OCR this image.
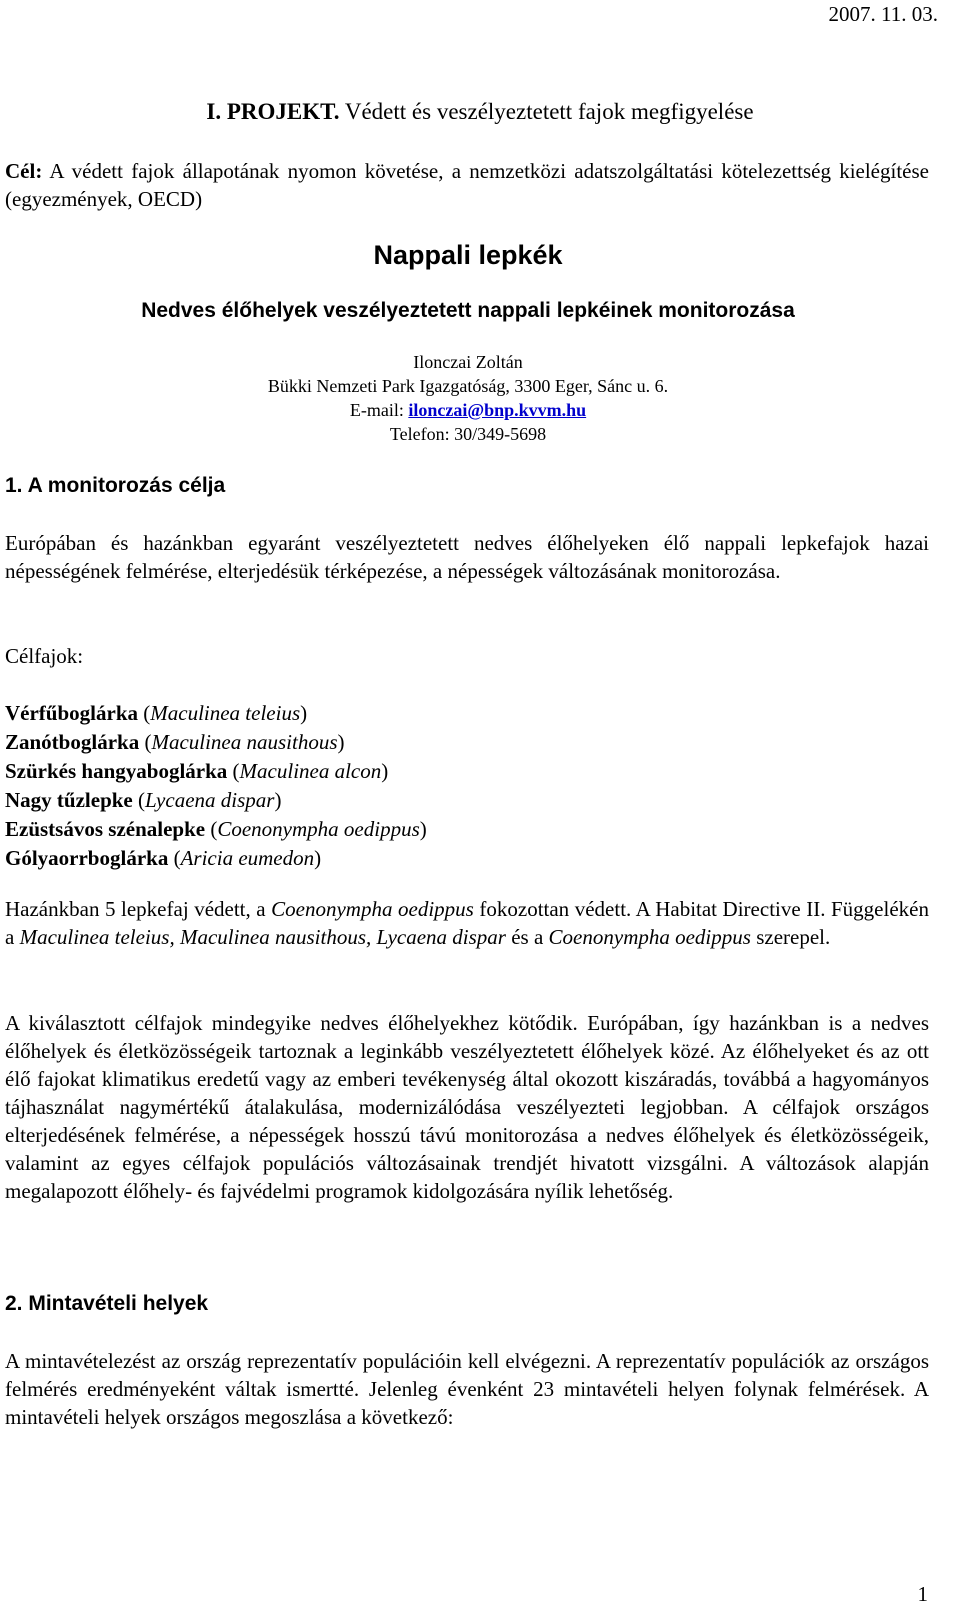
2007. 11. 03.
I. PROJEKT. Védett és veszélyeztetett fajok megfigyelése
Cél: A védett fajok állapotának nyomon követése, a nemzetközi adatszolgáltatási kötelezettség kielégítése (egyezmények, OECD)
Nappali lepkék
Nedves élőhelyek veszélyeztetett nappali lepkéinek monitorozása
Ilonczai Zoltán
Bükki Nemzeti Park Igazgatóság, 3300 Eger, Sánc u. 6.
E-mail: ilonczai@bnp.kvvm.hu
Telefon: 30/349-5698
1. A monitorozás célja
Európában és hazánkban egyaránt veszélyeztetett nedves élőhelyeken élő nappali lepkefajok hazai népességének felmérése, elterjedésük térképezése, a népességek változásának monitorozása.
Célfajok:
Vérfűboglárka (Maculinea teleius)
Zanótboglárka (Maculinea nausithous)
Szürkés hangyaboglárka (Maculinea alcon)
Nagy tűzlepke (Lycaena dispar)
Ezüstsávos szénalepke (Coenonympha oedippus)
Gólyaorrboglárka (Aricia eumedon)
Hazánkban 5 lepkefaj védett, a Coenonympha oedippus fokozottan védett. A Habitat Directive II. Függelékén a Maculinea teleius, Maculinea nausithous, Lycaena dispar és a Coenonympha oedippus szerepel.
A kiválasztott célfajok mindegyike nedves élőhelyekhez kötődik. Európában, így hazánkban is a nedves élőhelyek és életközösségeik tartoznak a leginkább veszélyeztetett élőhelyek közé. Az élőhelyeket és az ott élő fajokat klimatikus eredetű vagy az emberi tevékenység által okozott kiszáradás, továbbá a hagyományos tájhasználat nagymértékű átalakulása, modernizálódása veszélyezteti legjobban. A célfajok országos elterjedésének felmérése, a népességek hosszú távú monitorozása a nedves élőhelyek és életközösségeik, valamint az egyes célfajok populációs változásainak trendjét hivatott vizsgálni. A változások alapján megalapozott élőhely- és fajvédelmi programok kidolgozására nyílik lehetőség.
2. Mintavételi helyek
A mintavételezést az ország reprezentatív populációin kell elvégezni. A reprezentatív populációk az országos felmérés eredményeként váltak ismertté. Jelenleg évenként 23 mintavételi helyen folynak felmérések. A mintavételi helyek országos megoszlása a következő:
1
